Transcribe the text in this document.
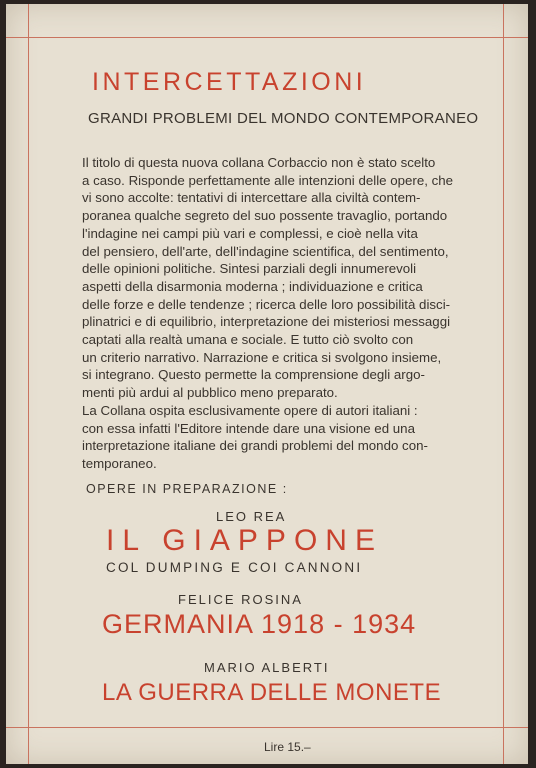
INTERCETTAZIONI
GRANDI PROBLEMI DEL MONDO CONTEMPORANEO
Il titolo di questa nuova collana Corbaccio non è stato scelto
a caso. Risponde perfettamente alle intenzioni delle opere, che
vi sono accolte: tentativi di intercettare alla civiltà contem-
poranea qualche segreto del suo possente travaglio, portando
l'indagine nei campi più vari e complessi, e cioè nella vita
del pensiero, dell'arte, dell'indagine scientifica, del sentimento,
delle opinioni politiche. Sintesi parziali degli innumerevoli
aspetti della disarmonia moderna ; individuazione e critica
delle forze e delle tendenze ; ricerca delle loro possibilità disci-
plinatrici e di equilibrio, interpretazione dei misteriosi messaggi
captati alla realtà umana e sociale. E tutto ciò svolto con
un criterio narrativo. Narrazione e critica si svolgono insieme,
si integrano. Questo permette la comprensione degli argo-
menti più ardui al pubblico meno preparato.
La Collana ospita esclusivamente opere di autori italiani :
con essa infatti l'Editore intende dare una visione ed una
interpretazione italiane dei grandi problemi del mondo con-
temporaneo.
OPERE IN PREPARAZIONE :
LEO REA
IL GIAPPONE
COL DUMPING E COI CANNONI
FELICE ROSINA
GERMANIA 1918 - 1934
MARIO ALBERTI
LA GUERRA DELLE MONETE
Lire 15.–
